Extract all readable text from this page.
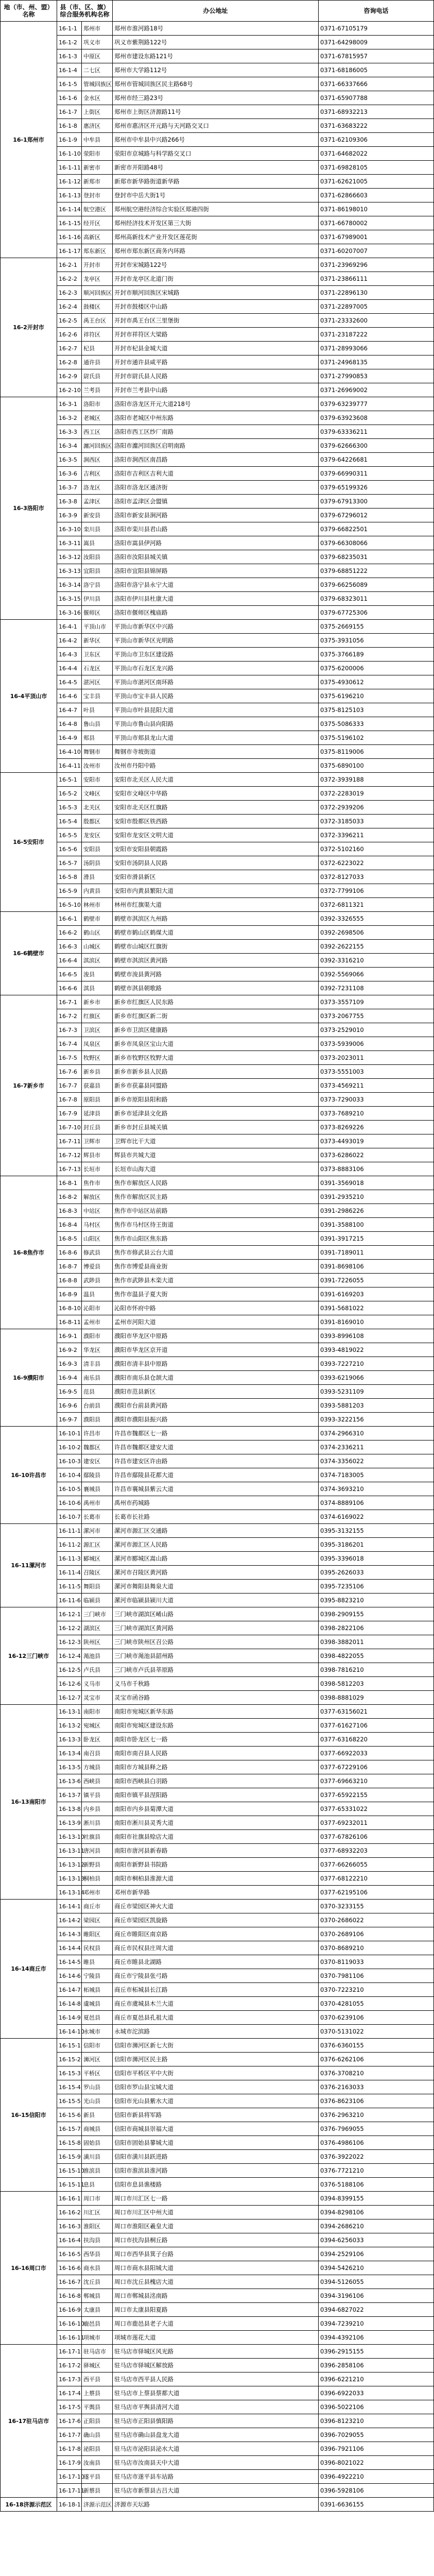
地（市、州、盟）名称	县（市、区、旗）综合服务机构名称		办公地址	咨询电话
16-1郑州市	16-1-1	郑州市	郑州市淮河路18号	0371-67105179
	16-1-2	巩义市	巩义市紫荆路122号	0371-64298009
	16-1-3	中原区	郑州市建设东路121号	0371-67815957
	16-1-4	二七区	郑州市大学路112号	0371-68186005
	16-1-5	管城回族区	郑州市管城回族区民主路68号	0371-66337666
	16-1-6	金水区	郑州市经三路23号	0371-65907788
	16-1-7	上街区	郑州市上街区济源路11号	0371-68932213
	16-1-8	惠济区	郑州市惠济区开元路与天河路交叉口	0371-63683222
	16-1-9	中牟县	郑州市中牟县中兴路266号	0371-62109306
	16-1-10	荥阳市	荥阳市京城路与科学路交叉口	0371-64682022
	16-1-11	新密市	新密市开阳路48号	0371-69828105
	16-1-12	新郑市	新郑市新华路街道新华路	0371-62621005
	16-1-13	登封市	登封市中岳大街1号	0371-62866603
	16-1-14	航空港区	郑州航空港经济综合实验区郑港四街	0371-86198010
	16-1-15	经开区	郑州经济技术开发区第三大街	0371-66780002
	16-1-16	高新区	郑州高新技术产业开发区莲花街	0371-67989001
	16-1-17	郑东新区	郑州市郑东新区商务内环路	0371-60207007
16-2开封市	16-2-1	开封市	开封市宋城路122号	0371-23969296
	16-2-2	龙亭区	开封市龙亭区北道门街	0371-23866111
	16-2-3	顺河回族区	开封市顺河回族区宋城路	0371-22896130
	16-2-4	鼓楼区	开封市鼓楼区中山路	0371-22897005
	16-2-5	禹王台区	开封市禹王台区三里堡街	0371-23332600
	16-2-6	祥符区	开封市祥符区大梁路	0371-23187222
	16-2-7	杞县	开封市杞县金城大道	0371-28993066
	16-2-8	通许县	开封市通许县咸平路	0371-24968135
	16-2-9	尉氏县	开封市尉氏县人民路	0371-27990853
	16-2-10	兰考县	开封市兰考县中山路	0371-26969002
16-3洛阳市	16-3-1	洛阳市	洛阳市洛龙区开元大道218号	0379-63239777
	16-3-2	老城区	洛阳市老城区中州东路	0379-63923608
	16-3-3	西工区	洛阳市西工区纱厂南路	0379-63336211
	16-3-4	瀍河回族区	洛阳市瀍河回族区启明南路	0379-62666300
	16-3-5	涧西区	洛阳市涧西区南昌路	0379-64226681
	16-3-6	吉利区	洛阳市吉利区吉利大道	0379-66990311
	16-3-7	洛龙区	洛阳市洛龙区通济街	0379-65199326
	16-3-8	孟津区	洛阳市孟津区会盟镇	0379-67913300
	16-3-9	新安县	洛阳市新安县涧河路	0379-67296012
	16-3-10	栾川县	洛阳市栾川县君山路	0379-66822501
	16-3-11	嵩县	洛阳市嵩县伊河路	0379-66308066
	16-3-12	汝阳县	洛阳市汝阳县城关镇	0379-68235031
	16-3-13	宜阳县	洛阳市宜阳县锦屏路	0379-68851222
	16-3-14	洛宁县	洛阳市洛宁县永宁大道	0379-66256089
	16-3-15	伊川县	洛阳市伊川县杜康大道	0379-68323011
	16-3-16	偃师区	洛阳市偃师区槐庙路	0379-67725306
16-4平顶山市	16-4-1	平顶山市	平顶山市新华区中兴路	0375-2669155
	16-4-2	新华区	平顶山市新华区光明路	0375-3931056
	16-4-3	卫东区	平顶山市卫东区建设路	0375-3766189
	16-4-4	石龙区	平顶山市石龙区龙兴路	0375-6200006
	16-4-5	湛河区	平顶山市湛河区南环路	0375-4930612
	16-4-6	宝丰县	平顶山市宝丰县人民路	0375-6196210
	16-4-7	叶县	平顶山市叶县昆阳大道	0375-8125103
	16-4-8	鲁山县	平顶山市鲁山县向阳路	0375-5086333
	16-4-9	郏县	平顶山市郏县龙山大道	0375-5196102
	16-4-10	舞钢市	舞钢市寺坡街道	0375-8119006
	16-4-11	汝州市	汝州市丹阳中路	0375-6890100
16-5安阳市	16-5-1	安阳市	安阳市北关区人民大道	0372-3939188
	16-5-2	文峰区	安阳市文峰区中华路	0372-2283019
	16-5-3	北关区	安阳市北关区红旗路	0372-2939206
	16-5-4	殷都区	安阳市殷都区铁西路	0372-3185033
	16-5-5	龙安区	安阳市龙安区文明大道	0372-3396211
	16-5-6	安阳县	安阳市安阳县朝霞路	0372-5102160
	16-5-7	汤阴县	安阳市汤阴县人民路	0372-6223022
	16-5-8	滑县	安阳市滑县新区	0372-8127033
	16-5-9	内黄县	安阳市内黄县繁阳大道	0372-7799106
	16-5-10	林州市	林州市红旗渠大道	0372-6811321
16-6鹤壁市	16-6-1	鹤壁市	鹤壁市淇滨区九州路	0392-3326555
	16-6-2	鹤山区	鹤壁市鹤山区鹤煤大道	0392-2698506
	16-6-3	山城区	鹤壁市山城区红旗街	0392-2622155
	16-6-4	淇滨区	鹤壁市淇滨区黄河路	0392-3316210
	16-6-5	浚县	鹤壁市浚县黄河路	0392-5569066
	16-6-6	淇县	鹤壁市淇县朝歌路	0392-7231108
16-7新乡市	16-7-1	新乡市	新乡市红旗区人民东路	0373-3557109
	16-7-2	红旗区	新乡市红旗区新二街	0373-2067755
	16-7-3	卫滨区	新乡市卫滨区健康路	0373-2529010
	16-7-4	凤泉区	新乡市凤泉区宝山大道	0373-5939006
	16-7-5	牧野区	新乡市牧野区牧野大道	0373-2023011
	16-7-6	新乡县	新乡市新乡县人民路	0373-5551003
	16-7-7	获嘉县	新乡市获嘉县同盟路	0373-4569211
	16-7-8	原阳县	新乡市原阳县阳和路	0373-7290033
	16-7-9	延津县	新乡市延津县文化路	0373-7689210
	16-7-10	封丘县	新乡市封丘县城关镇	0373-8269226
	16-7-11	卫辉市	卫辉市比干大道	0373-4493019
	16-7-12	辉县市	辉县市共城大道	0373-6286022
	16-7-13	长垣市	长垣市山海大道	0373-8883106
16-8焦作市	16-8-1	焦作市	焦作市解放区人民路	0391-3569018
	16-8-2	解放区	焦作市解放区民主路	0391-2935210
	16-8-3	中站区	焦作市中站区站前路	0391-2986226
	16-8-4	马村区	焦作市马村区待王街道	0391-3588100
	16-8-5	山阳区	焦作市山阳区焦东路	0391-3917215
	16-8-6	修武县	焦作市修武县云台大道	0391-7189011
	16-8-7	博爱县	焦作市博爱县商业街	0391-8698106
	16-8-8	武陟县	焦作市武陟县木栾大道	0391-7226055
	16-8-9	温县	焦作市温县子夏大街	0391-6169203
	16-8-10	沁阳市	沁阳市怀府中路	0391-5681022
	16-8-11	孟州市	孟州市河阳大道	0391-8169010
16-9濮阳市	16-9-1	濮阳市	濮阳市华龙区中原路	0393-8996108
	16-9-2	华龙区	濮阳市华龙区京开道	0393-4819022
	16-9-3	清丰县	濮阳市清丰县中原路	0393-7227210
	16-9-4	南乐县	濮阳市南乐县仓颉大道	0393-6219066
	16-9-5	范县	濮阳市范县新区	0393-5231109
	16-9-6	台前县	濮阳市台前县黄河路	0393-5881203
	16-9-7	濮阳县	濮阳市濮阳县振兴路	0393-3222156
16-10许昌市	16-10-1	许昌市	许昌市魏都区七一路	0374-2966310
	16-10-2	魏都区	许昌市魏都区建安大道	0374-2336211
	16-10-3	建安区	许昌市建安区许由路	0374-3356022
	16-10-4	鄢陵县	许昌市鄢陵县花都大道	0374-7183005
	16-10-5	襄城县	许昌市襄城县紫云大道	0374-3693210
	16-10-6	禹州市	禹州市药城路	0374-8889106
	16-10-7	长葛市	长葛市长社路	0374-6169022
16-11漯河市	16-11-1	漯河市	漯河市源汇区交通路	0395-3132155
	16-11-2	源汇区	漯河市源汇区人民路	0395-3186201
	16-11-3	郾城区	漯河市郾城区嵩山路	0395-3396018
	16-11-4	召陵区	漯河市召陵区黄河路	0395-2626033
	16-11-5	舞阳县	漯河市舞阳县舞泉大道	0395-7235106
	16-11-6	临颍县	漯河市临颍县颍川大道	0395-8823210
16-12三门峡市	16-12-1	三门峡市	三门峡市湖滨区崤山路	0398-2909155
	16-12-2	湖滨区	三门峡市湖滨区黄河路	0398-2822106
	16-12-3	陕州区	三门峡市陕州区召公路	0398-3882011
	16-12-4	渑池县	三门峡市渑池县韶州路	0398-4822055
	16-12-5	卢氏县	三门峡市卢氏县莘原路	0398-7816210
	16-12-6	义马市	义马市千秋路	0398-5812203
	16-12-7	灵宝市	灵宝市函谷路	0398-8881029
16-13南阳市	16-13-1	南阳市	南阳市宛城区新华东路	0377-63156021
	16-13-2	宛城区	南阳市宛城区建设东路	0377-61627106
	16-13-3	卧龙区	南阳市卧龙区七一路	0377-63168220
	16-13-4	南召县	南阳市南召县人民路	0377-66922033
	16-13-5	方城县	南阳市方城县释之路	0377-67229106
	16-13-6	西峡县	南阳市西峡县白羽路	0377-69663210
	16-13-7	镇平县	南阳市镇平县涅阳路	0377-65922155
	16-13-8	内乡县	南阳市内乡县菊潭大道	0377-65331022
	16-13-9	淅川县	南阳市淅川县灵秀大道	0377-69232011
	16-13-10	社旗县	南阳市社旗县赊店大道	0377-67826106
	16-13-11	唐河县	南阳市唐河县新春路	0377-68932203
	16-13-12	新野县	南阳市新野县书院路	0377-66266055
	16-13-13	桐柏县	南阳市桐柏县淮源大道	0377-68122210
	16-13-14	邓州市	邓州市新华路	0377-62195106
16-14商丘市	16-14-1	商丘市	商丘市梁园区神火大道	0370-3233155
	16-14-2	梁园区	商丘市梁园区凯旋路	0370-2686022
	16-14-3	睢阳区	商丘市睢阳区南京路	0370-2689106
	16-14-4	民权县	商丘市民权县庄周大道	0370-8689210
	16-14-5	睢县	商丘市睢县北湖路	0370-8119033
	16-14-6	宁陵县	商丘市宁陵县张弓路	0370-7981106
	16-14-7	柘城县	商丘市柘城县长江路	0370-7223210
	16-14-8	虞城县	商丘市虞城县木兰大道	0370-4281055
	16-14-9	夏邑县	商丘市夏邑县孔祖大道	0370-6239106
	16-14-10	永城市	永城市沱滨路	0370-5131022
16-15信阳市	16-15-1	信阳市	信阳市浉河区新七大街	0376-6360155
	16-15-2	浉河区	信阳市浉河区民主路	0376-6262106
	16-15-3	平桥区	信阳市平桥区平中大街	0376-3708210
	16-15-4	罗山县	信阳市罗山县宝城大道	0376-2163033
	16-15-5	光山县	信阳市光山县紫水大道	0376-8623106
	16-15-6	新县	信阳市新县将军路	0376-2963210
	16-15-7	商城县	信阳市商城县崇福大道	0376-7969055
	16-15-8	固始县	信阳市固始县蓼城大道	0376-4986106
	16-15-9	潢川县	信阳市潢川县跃进路	0376-3922022
	16-15-10	淮滨县	信阳市淮滨县淮河路	0376-7721210
	16-15-11	息县	信阳市息县谯楼路	0376-5188106
16-16周口市	16-16-1	周口市	周口市川汇区七一路	0394-8399155
	16-16-2	川汇区	周口市川汇区中州大道	0394-8298106
	16-16-3	淮阳区	周口市淮阳区羲皇大道	0394-2686210
	16-16-4	扶沟县	周口市扶沟县桐丘路	0394-6256033
	16-16-5	西华县	周口市西华县箕子台路	0394-2529106
	16-16-6	商水县	周口市商水县阳城大道	0394-5426210
	16-16-7	沈丘县	周口市沈丘县槐店大道	0394-5126055
	16-16-8	郸城县	周口市郸城县洺南路	0394-3196106
	16-16-9	太康县	周口市太康县阳夏路	0394-6827022
	16-16-10	鹿邑县	周口市鹿邑县老子大道	0394-7239210
	16-16-11	项城市	项城市莲花大道	0394-4392106
16-17驻马店市	16-17-1	驻马店市	驻马店市驿城区风光路	0396-2915155
	16-17-2	驿城区	驻马店市驿城区解放路	0396-2858106
	16-17-3	西平县	驻马店市西平县人民路	0396-6221210
	16-17-4	上蔡县	驻马店市上蔡县蔡都大道	0396-6922033
	16-17-5	平舆县	驻马店市平舆县清河大道	0396-5022106
	16-17-6	正阳县	驻马店市正阳县慎阳路	0396-8123210
	16-17-7	确山县	驻马店市确山县盘龙大道	0396-7029055
	16-17-8	泌阳县	驻马店市泌阳县泌水大道	0396-7921106
	16-17-9	汝南县	驻马店市汝南县天中大道	0396-8021022
	16-17-10	遂平县	驻马店市遂平县车站路	0396-4922210
	16-17-11	新蔡县	驻马店市新蔡县古吕大道	0396-5928106
16-18济源示范区	16-18-1	济源示范区	济源市天坛路	0391-6636155
